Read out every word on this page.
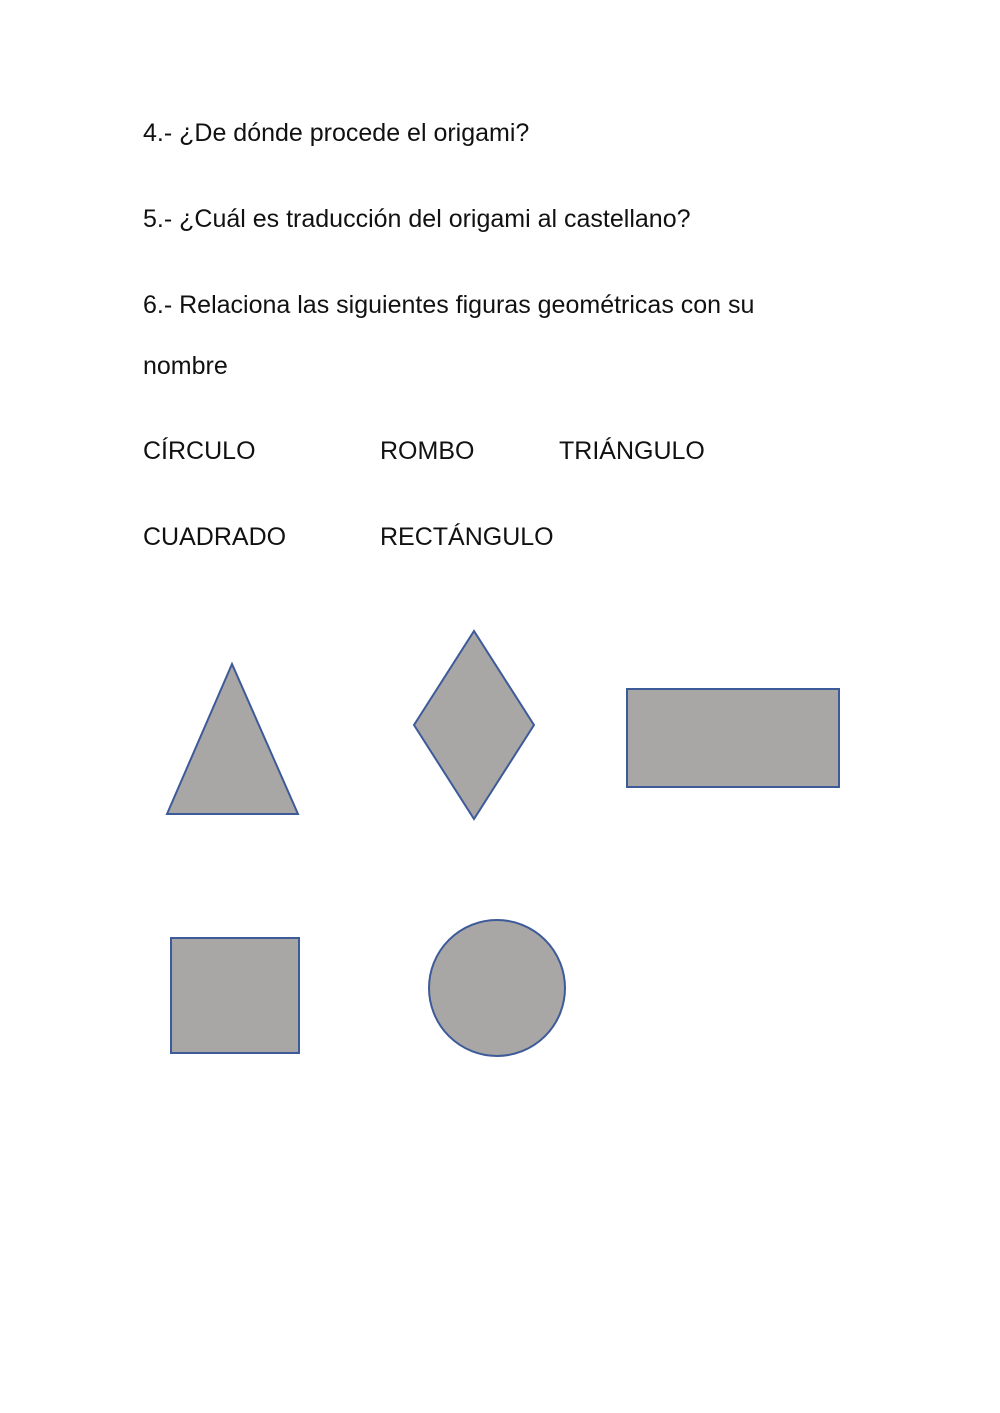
4.- ¿De dónde procede el origami?
5.- ¿Cuál es traducción del origami al castellano?
6.- Relaciona las siguientes figuras geométricas con su
nombre
CÍRCULO	ROMBO	TRIÁNGULO
CUADRADO	RECTÁNGULO
